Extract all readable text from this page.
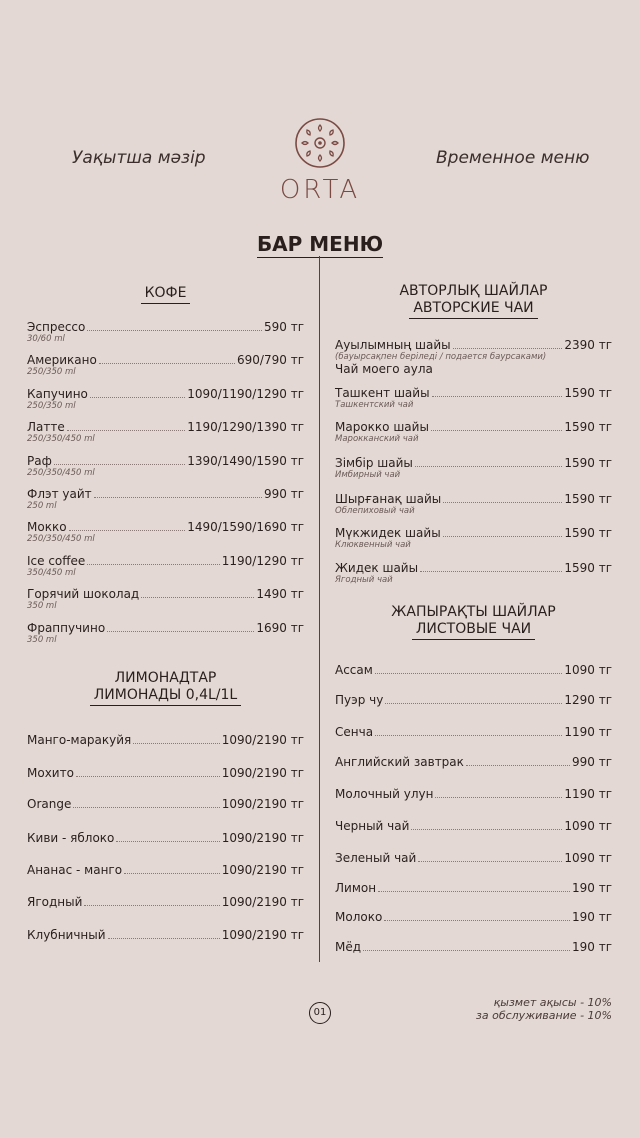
Уақытша мәзір	Временное меню
ORTA
БАР МЕНЮ
КОФЕ
Эспрессо	590 тг
30/60 ml
Американо	690/790 тг
250/350 ml
Капучино	1090/1190/1290 тг
250/350 ml
Латте	1190/1290/1390 тг
250/350/450 ml
Раф	1390/1490/1590 тг
250/350/450 ml
Флэт уайт	990 тг
250 ml
Мокко	1490/1590/1690 тг
250/350/450 ml
Ice coffee	1190/1290 тг
350/450 ml
Горячий шоколад	1490 тг
350 ml
Фраппучино	1690 тг
350 ml
ЛИМОНАДТАР
ЛИМОНАДЫ 0,4L/1L
Манго-маракуйя	1090/2190 тг
Мохито	1090/2190 тг
Orange	1090/2190 тг
Киви - яблоко	1090/2190 тг
Ананас - манго	1090/2190 тг
Ягодный	1090/2190 тг
Клубничный	1090/2190 тг
АВТОРЛЫҚ ШАЙЛАР
АВТОРСКИЕ ЧАИ
Ауылымның шайы	2390 тг
(бауырсақпен беріледі / подается баурсаками)
Чай моего аула
Ташкент шайы	1590 тг
Ташкентский чай
Марокко шайы	1590 тг
Марокканский чай
Зімбір шайы	1590 тг
Имбирный чай
Шырғанақ шайы	1590 тг
Облепиховый чай
Мүкжидек шайы	1590 тг
Клюквенный чай
Жидек шайы	1590 тг
Ягодный чай
ЖАПЫРАҚТЫ ШАЙЛАР
ЛИСТОВЫЕ ЧАИ
Ассам	1090 тг
Пуэр чу	1290 тг
Сенча	1190 тг
Английский завтрак	990 тг
Молочный улун	1190 тг
Черный чай	1090 тг
Зеленый чай	1090 тг
Лимон	190 тг
Молоко	190 тг
Мёд	190 тг
01
қызмет ақысы - 10%
за обслуживание - 10%
